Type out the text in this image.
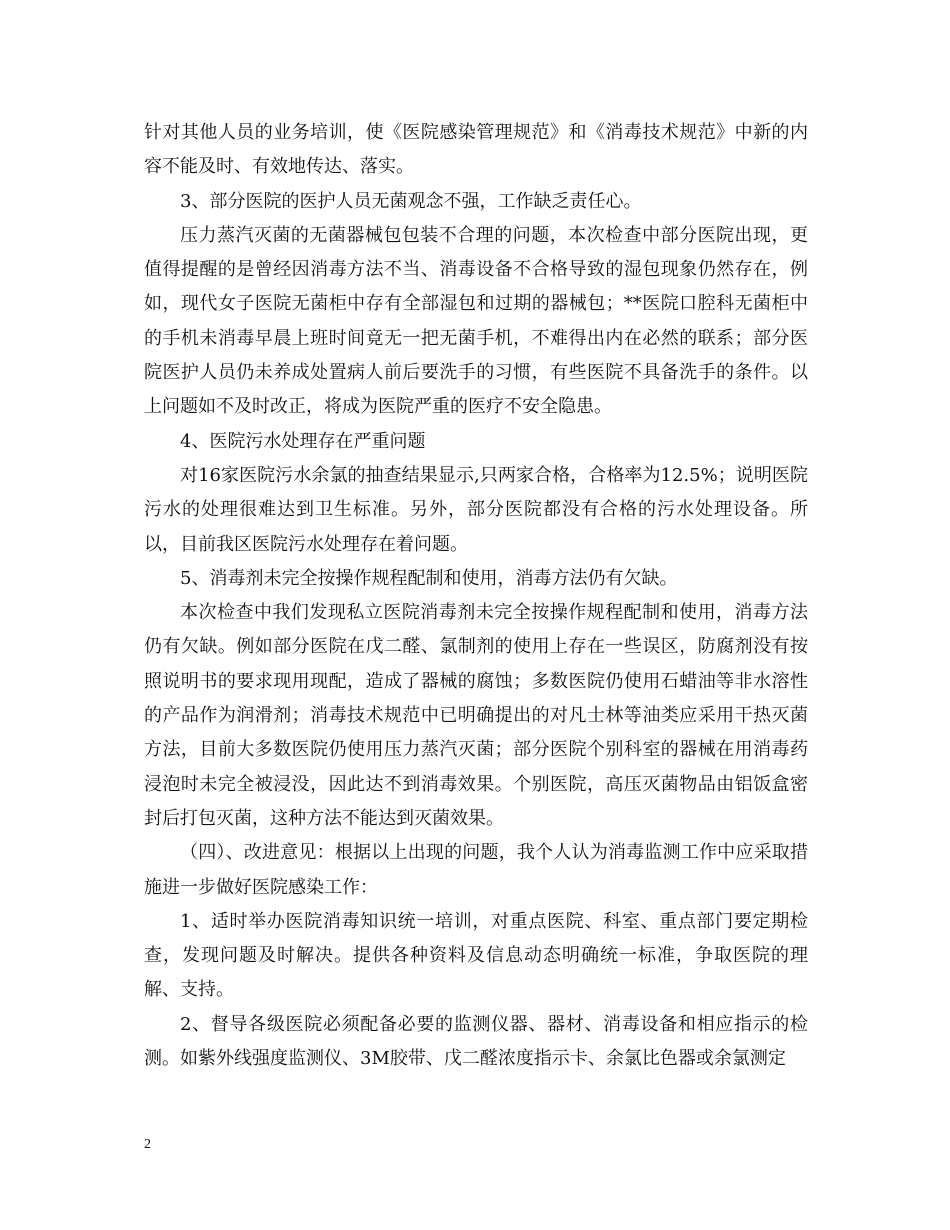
针对其他人员的业务培训，使《医院感染管理规范》和《消毒技术规范》中新的内容不能及时、有效地传达、落实。

3、部分医院的医护人员无菌观念不强，工作缺乏责任心。

压力蒸汽灭菌的无菌器械包包装不合理的问题，本次检查中部分医院出现，更值得提醒的是曾经因消毒方法不当、消毒设备不合格导致的湿包现象仍然存在，例如，现代女子医院无菌柜中存有全部湿包和过期的器械包；**医院口腔科无菌柜中的手机未消毒早晨上班时间竟无一把无菌手机，不难得出内在必然的联系；部分医院医护人员仍未养成处置病人前后要洗手的习惯，有些医院不具备洗手的条件。以上问题如不及时改正，将成为医院严重的医疗不安全隐患。

4、医院污水处理存在严重问题

对16家医院污水余氯的抽查结果显示,只两家合格，合格率为12.5%；说明医院污水的处理很难达到卫生标准。另外，部分医院都没有合格的污水处理设备。所以，目前我区医院污水处理存在着问题。

5、消毒剂未完全按操作规程配制和使用，消毒方法仍有欠缺。

本次检查中我们发现私立医院消毒剂未完全按操作规程配制和使用，消毒方法仍有欠缺。例如部分医院在戊二醛、氯制剂的使用上存在一些误区，防腐剂没有按照说明书的要求现用现配，造成了器械的腐蚀；多数医院仍使用石蜡油等非水溶性的产品作为润滑剂；消毒技术规范中已明确提出的对凡士林等油类应采用干热灭菌方法，目前大多数医院仍使用压力蒸汽灭菌；部分医院个别科室的器械在用消毒药浸泡时未完全被浸没，因此达不到消毒效果。个别医院，高压灭菌物品由铝饭盒密封后打包灭菌，这种方法不能达到灭菌效果。

（四）、改进意见：根据以上出现的问题，我个人认为消毒监测工作中应采取措施进一步做好医院感染工作：

1、适时举办医院消毒知识统一培训，对重点医院、科室、重点部门要定期检查，发现问题及时解决。提供各种资料及信息动态明确统一标准，争取医院的理解、支持。

2、督导各级医院必须配备必要的监测仪器、器材、消毒设备和相应指示的检测。如紫外线强度监测仪、3M胶带、戊二醛浓度指示卡、余氯比色器或余氯测定

2
